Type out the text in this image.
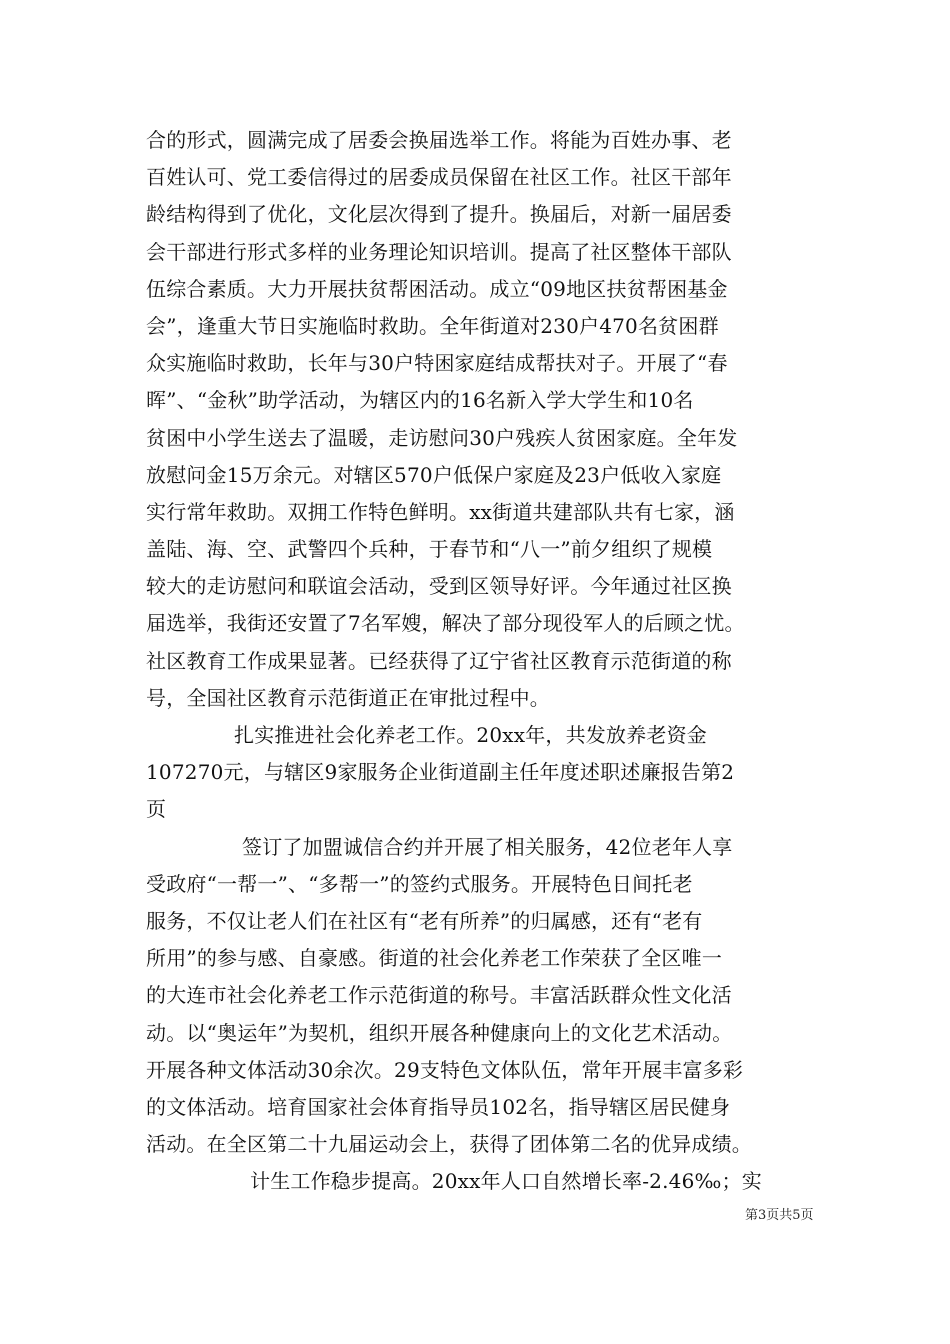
合的形式，圆满完成了居委会换届选举工作。将能为百姓办事、老
百姓认可、党工委信得过的居委成员保留在社区工作。社区干部年
龄结构得到了优化，文化层次得到了提升。换届后，对新一届居委
会干部进行形式多样的业务理论知识培训。提高了社区整体干部队
伍综合素质。大力开展扶贫帮困活动。成立“09地区扶贫帮困基金
会”，逢重大节日实施临时救助。全年街道对230户470名贫困群
众实施临时救助，长年与30户特困家庭结成帮扶对子。开展了“春
晖”、“金秋”助学活动，为辖区内的16名新入学大学生和10名
贫困中小学生送去了温暖，走访慰问30户残疾人贫困家庭。全年发
放慰问金15万余元。对辖区570户低保户家庭及23户低收入家庭
实行常年救助。双拥工作特色鲜明。xx街道共建部队共有七家，涵
盖陆、海、空、武警四个兵种，于春节和“八一”前夕组织了规模
较大的走访慰问和联谊会活动，受到区领导好评。今年通过社区换
届选举，我街还安置了7名军嫂，解决了部分现役军人的后顾之忧。
社区教育工作成果显著。已经获得了辽宁省社区教育示范街道的称
号，全国社区教育示范街道正在审批过程中。
扎实推进社会化养老工作。20xx年，共发放养老资金
107270元，与辖区9家服务企业街道副主任年度述职述廉报告第2
页
签订了加盟诚信合约并开展了相关服务，42位老年人享
受政府“一帮一”、“多帮一”的签约式服务。开展特色日间托老
服务，不仅让老人们在社区有“老有所养”的归属感，还有“老有
所用”的参与感、自豪感。街道的社会化养老工作荣获了全区唯一
的大连市社会化养老工作示范街道的称号。丰富活跃群众性文化活
动。以“奥运年”为契机，组织开展各种健康向上的文化艺术活动。
开展各种文体活动30余次。29支特色文体队伍，常年开展丰富多彩
的文体活动。培育国家社会体育指导员102名，指导辖区居民健身
活动。在全区第二十九届运动会上，获得了团体第二名的优异成绩。
计生工作稳步提高。20xx年人口自然增长率-2.46‰；实
第3页共5页
